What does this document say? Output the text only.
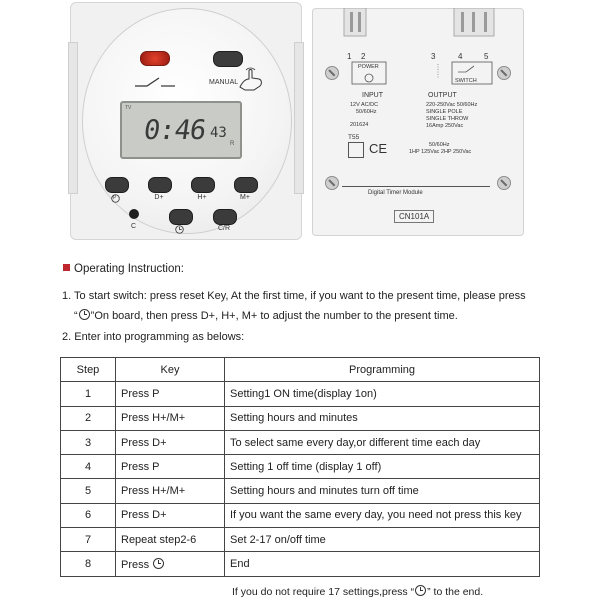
MANUAL
TV
0:46 43
R
P	D+	H+	M+
C	C/R
1 2	3	4	5
POWER
SWITCH
INPUT
12V AC/DC
50/60Hz
201624
OUTPUT
220-250Vac 50/60Hz
SINGLE POLE
SINGLE THROW
16Amp 250Vac
50/60Hz
1HP 125Vac 2HP 250Vac
T55
CE
Digital Timer Module
CN101A
Operating Instruction:
1. To start switch: press reset Key, At the first time, if you want to the present time, please press
“ ”On board, then press D+, H+, M+ to adjust the number to the present time.
2. Enter into programming as belows:
Step	Key	Programming
1	Press P	Setting1 ON time(display 1on)
2	Press H+/M+	Setting hours and minutes
3	Press D+	To select same every day,or different time each day
4	Press P	Setting 1 off time (display 1 off)
5	Press H+/M+	Setting hours and minutes turn off time
6	Press D+	If you want the same every day, you need not press this key
7	Repeat step2-6	Set 2-17 on/off time
8	Press	End
If you do not require 17 settings,press “ ” to the end.
